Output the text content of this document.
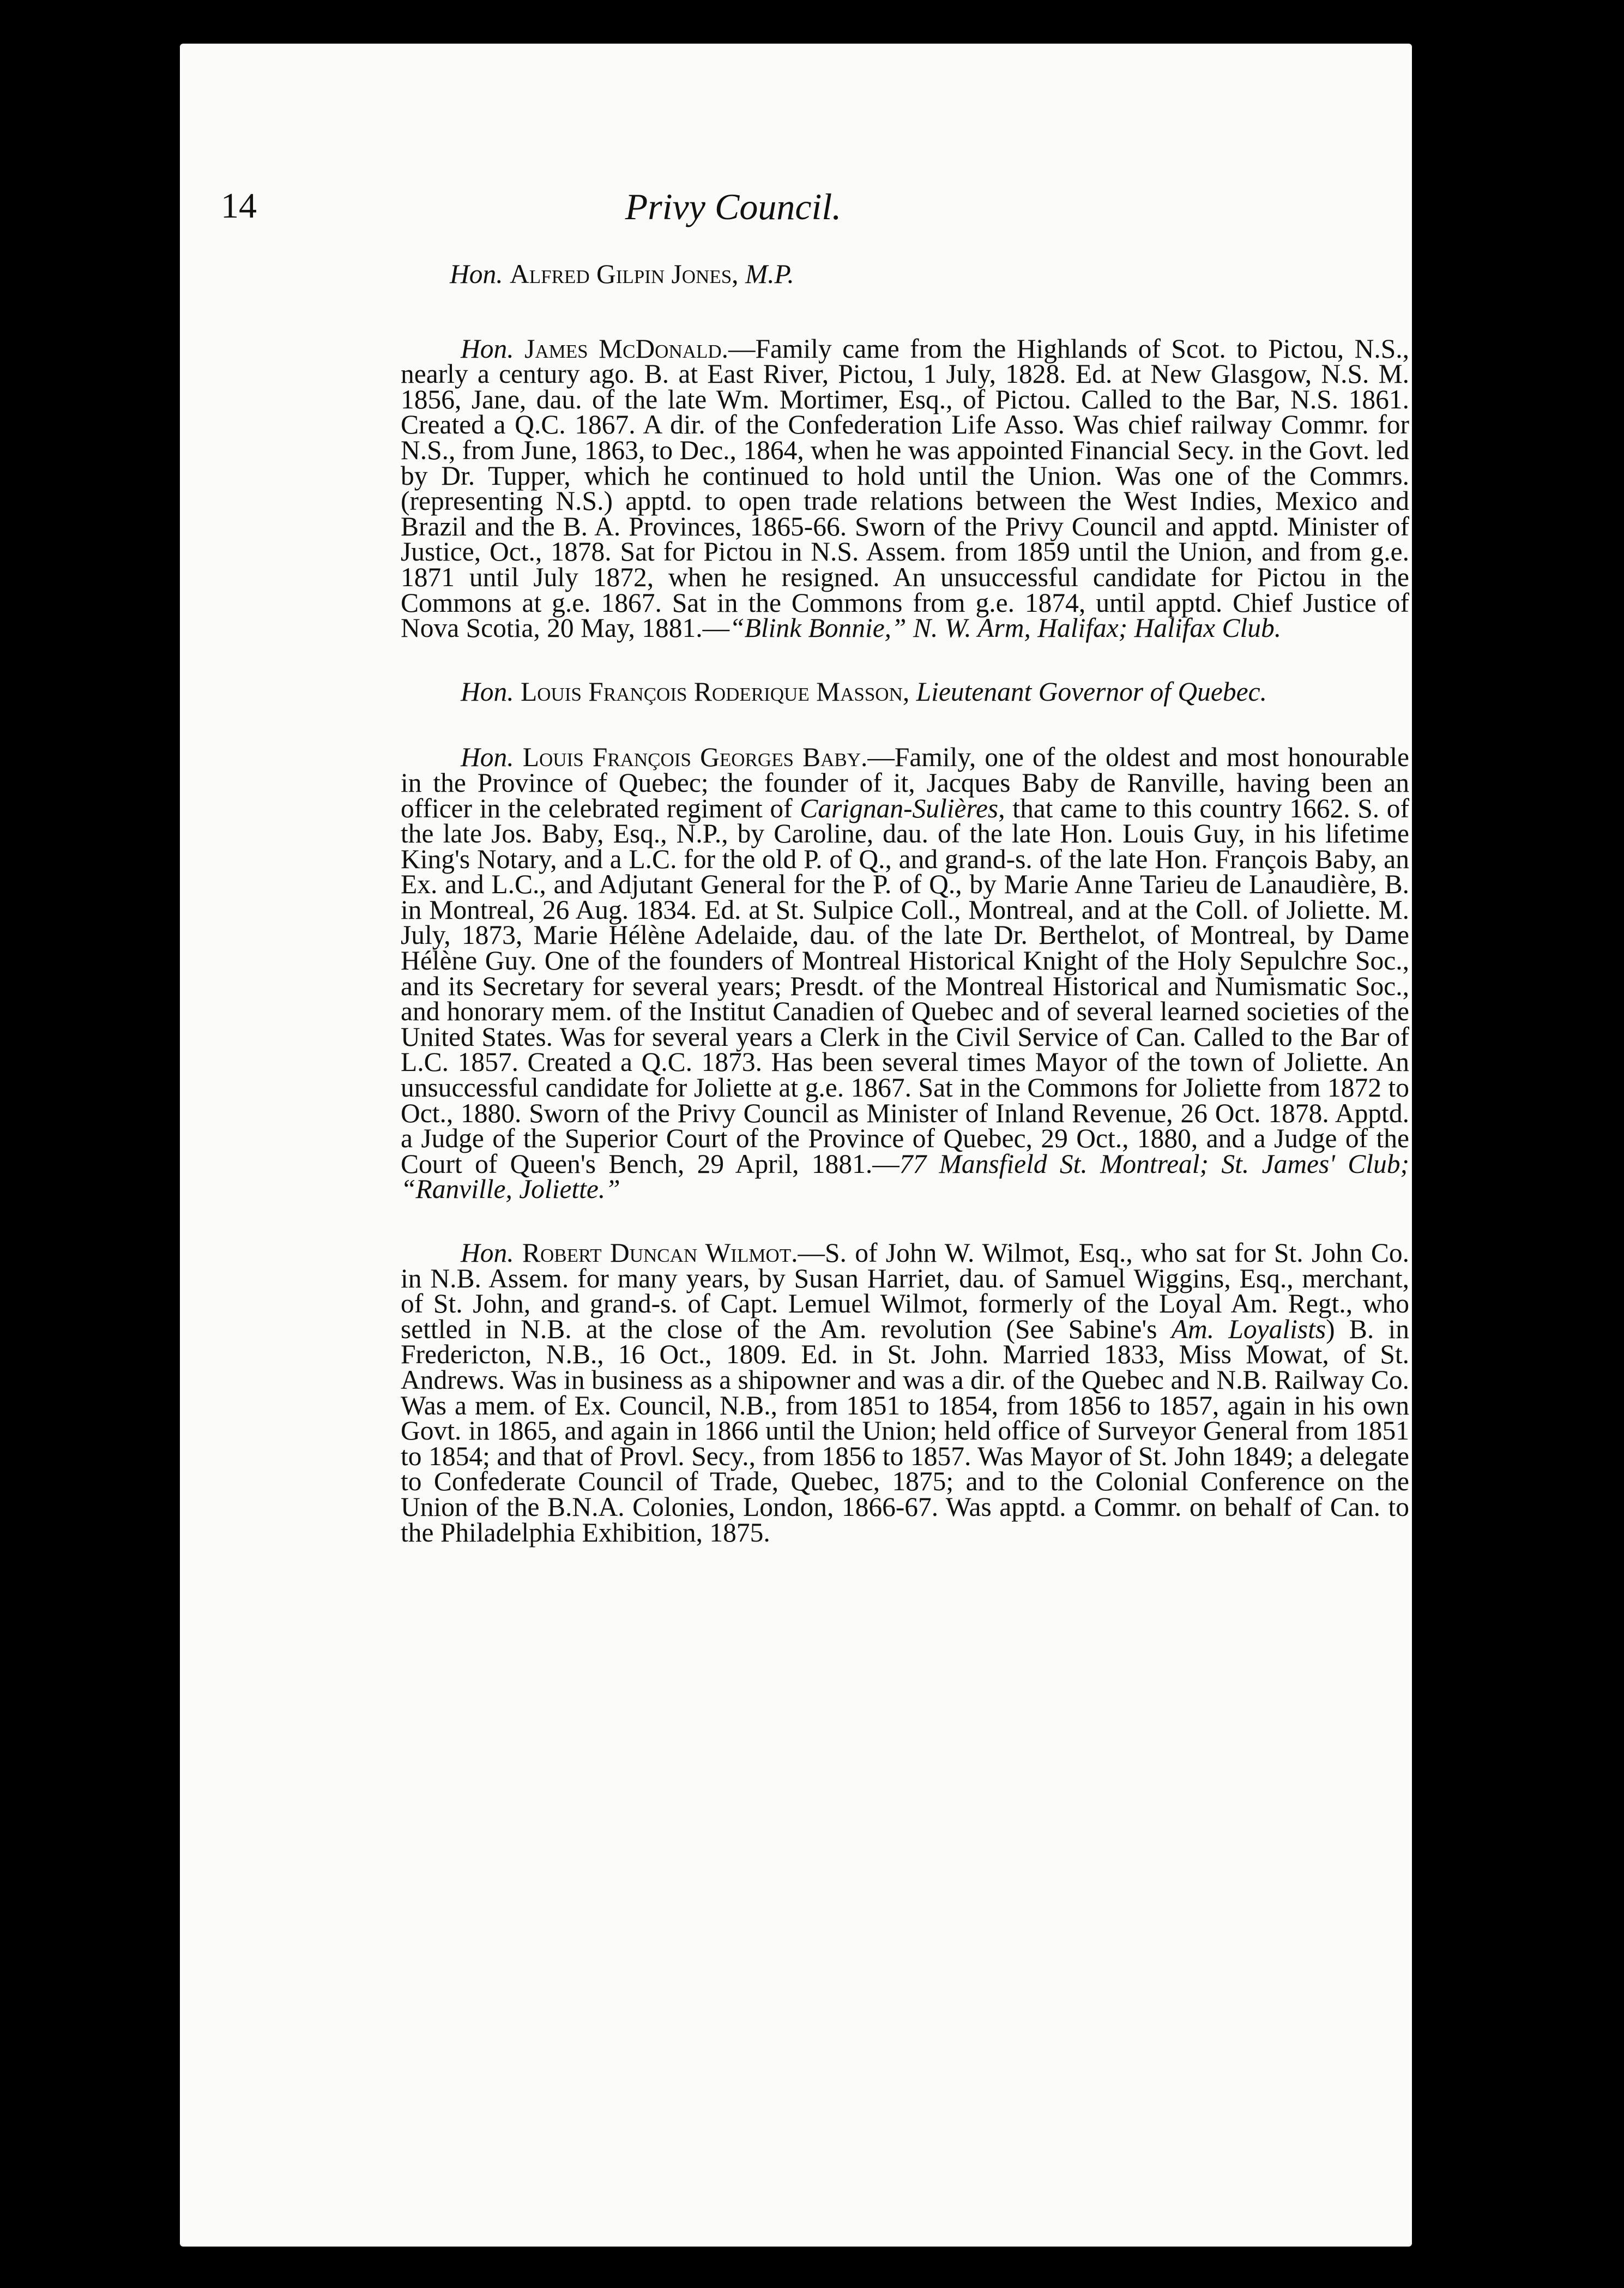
14	Privy Council.

Hon. Alfred Gilpin Jones, M.P.

Hon. James McDonald.—Family came from the Highlands of Scot. to Pictou, N.S., nearly a century ago. B. at East River, Pictou, 1 July, 1828. Ed. at New Glasgow, N.S. M. 1856, Jane, dau. of the late Wm. Mortimer, Esq., of Pictou. Called to the Bar, N.S. 1861. Created a Q.C. 1867. A dir. of the Confederation Life Asso. Was chief railway Commr. for N.S., from June, 1863, to Dec., 1864, when he was appointed Financial Secy. in the Govt. led by Dr. Tupper, which he continued to hold until the Union. Was one of the Commrs. (representing N.S.) apptd. to open trade relations between the West Indies, Mexico and Brazil and the B. A. Provinces, 1865-66. Sworn of the Privy Council and apptd. Minister of Justice, Oct., 1878. Sat for Pictou in N.S. Assem. from 1859 until the Union, and from g.e. 1871 until July 1872, when he resigned. An unsuccessful candidate for Pictou in the Commons at g.e. 1867. Sat in the Commons from g.e. 1874, until apptd. Chief Justice of Nova Scotia, 20 May, 1881.—“Blink Bonnie,” N. W. Arm, Halifax; Halifax Club.

Hon. Louis François Roderique Masson, Lieutenant Governor of Quebec.

Hon. Louis François Georges Baby.—Family, one of the oldest and most honourable in the Province of Quebec; the founder of it, Jacques Baby de Ranville, having been an officer in the celebrated regiment of Carignan-Sulières, that came to this country 1662. S. of the late Jos. Baby, Esq., N.P., by Caroline, dau. of the late Hon. Louis Guy, in his lifetime King's Notary, and a L.C. for the old P. of Q., and grand-s. of the late Hon. François Baby, an Ex. and L.C., and Adjutant General for the P. of Q., by Marie Anne Tarieu de Lanaudière, B. in Montreal, 26 Aug. 1834. Ed. at St. Sulpice Coll., Montreal, and at the Coll. of Joliette. M. July, 1873, Marie Hélène Adelaide, dau. of the late Dr. Berthelot, of Montreal, by Dame Hélène Guy. One of the founders of Montreal Historical Knight of the Holy Sepulchre Soc., and its Secretary for several years; Presdt. of the Montreal Historical and Numismatic Soc., and honorary mem. of the Institut Canadien of Quebec and of several learned societies of the United States. Was for several years a Clerk in the Civil Service of Can. Called to the Bar of L.C. 1857. Created a Q.C. 1873. Has been several times Mayor of the town of Joliette. An unsuccessful candidate for Joliette at g.e. 1867. Sat in the Commons for Joliette from 1872 to Oct., 1880. Sworn of the Privy Council as Minister of Inland Revenue, 26 Oct. 1878. Apptd. a Judge of the Superior Court of the Province of Quebec, 29 Oct., 1880, and a Judge of the Court of Queen's Bench, 29 April, 1881.—77 Mansfield St. Montreal; St. James' Club; “Ranville, Joliette.”

Hon. Robert Duncan Wilmot.—S. of John W. Wilmot, Esq., who sat for St. John Co. in N.B. Assem. for many years, by Susan Harriet, dau. of Samuel Wiggins, Esq., merchant, of St. John, and grand-s. of Capt. Lemuel Wilmot, formerly of the Loyal Am. Regt., who settled in N.B. at the close of the Am. revolution (See Sabine's Am. Loyalists) B. in Fredericton, N.B., 16 Oct., 1809. Ed. in St. John. Married 1833, Miss Mowat, of St. Andrews. Was in business as a shipowner and was a dir. of the Quebec and N.B. Railway Co. Was a mem. of Ex. Council, N.B., from 1851 to 1854, from 1856 to 1857, again in his own Govt. in 1865, and again in 1866 until the Union; held office of Surveyor General from 1851 to 1854; and that of Provl. Secy., from 1856 to 1857. Was Mayor of St. John 1849; a delegate to Confederate Council of Trade, Quebec, 1875; and to the Colonial Conference on the Union of the B.N.A. Colonies, London, 1866-67. Was apptd. a Commr. on behalf of Can. to the Philadelphia Exhibition, 1875.
